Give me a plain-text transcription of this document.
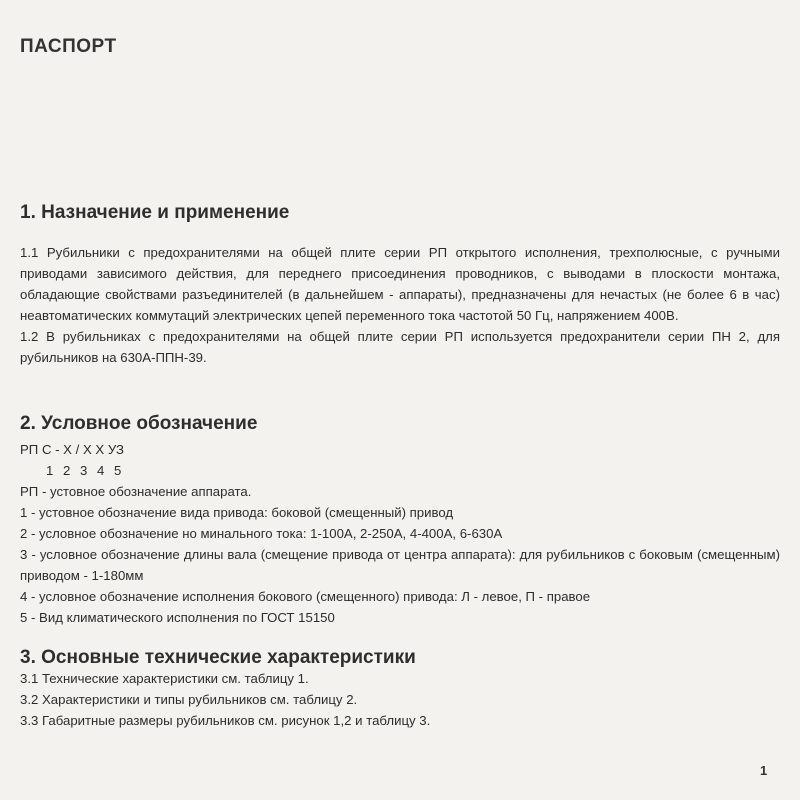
ПАСПОРТ
1. Назначение и применение

1.1 Рубильники с предохранителями на общей плите серии РП открытого исполнения, трехполюсные, с ручными приводами зависимого действия, для переднего присоединения проводников, с выводами в плоскости монтажа, обладающие свойствами разъединителей (в дальнейшем - аппараты), предназначены для нечастых (не более 6 в час) неавтоматических коммутаций электрических цепей переменного тока частотой 50 Гц, напряжением 400В.

1.2 В рубильниках с предохранителями на общей плите серии РП используется предохранители серии ПН 2, для рубильников на 630А-ППН-39.

2. Условное обозначение

РП С - Х / Х Х УЗ

1 2 3 4 5

РП - устовное обозначение аппарата.

1 - устовное обозначение вида привода: боковой (смещенный) привод

2 - условное обозначение но минального тока: 1-100А, 2-250А, 4-400А, 6-630А

3 - условное обозначение длины вала (смещение привода от центра аппарата): для рубильников с боковым (смещенным) приводом - 1-180мм

4 - условное обозначение исполнения бокового (смещенного) привода: Л - левое, П - правое

5 - Вид климатического исполнения по ГОСТ 15150

3. Основные технические характеристики

3.1 Технические характеристики см. таблицу 1.

3.2 Характеристики и типы рубильников см. таблицу 2.

3.3 Габаритные размеры рубильников см. рисунок 1,2 и таблицу 3.

1
